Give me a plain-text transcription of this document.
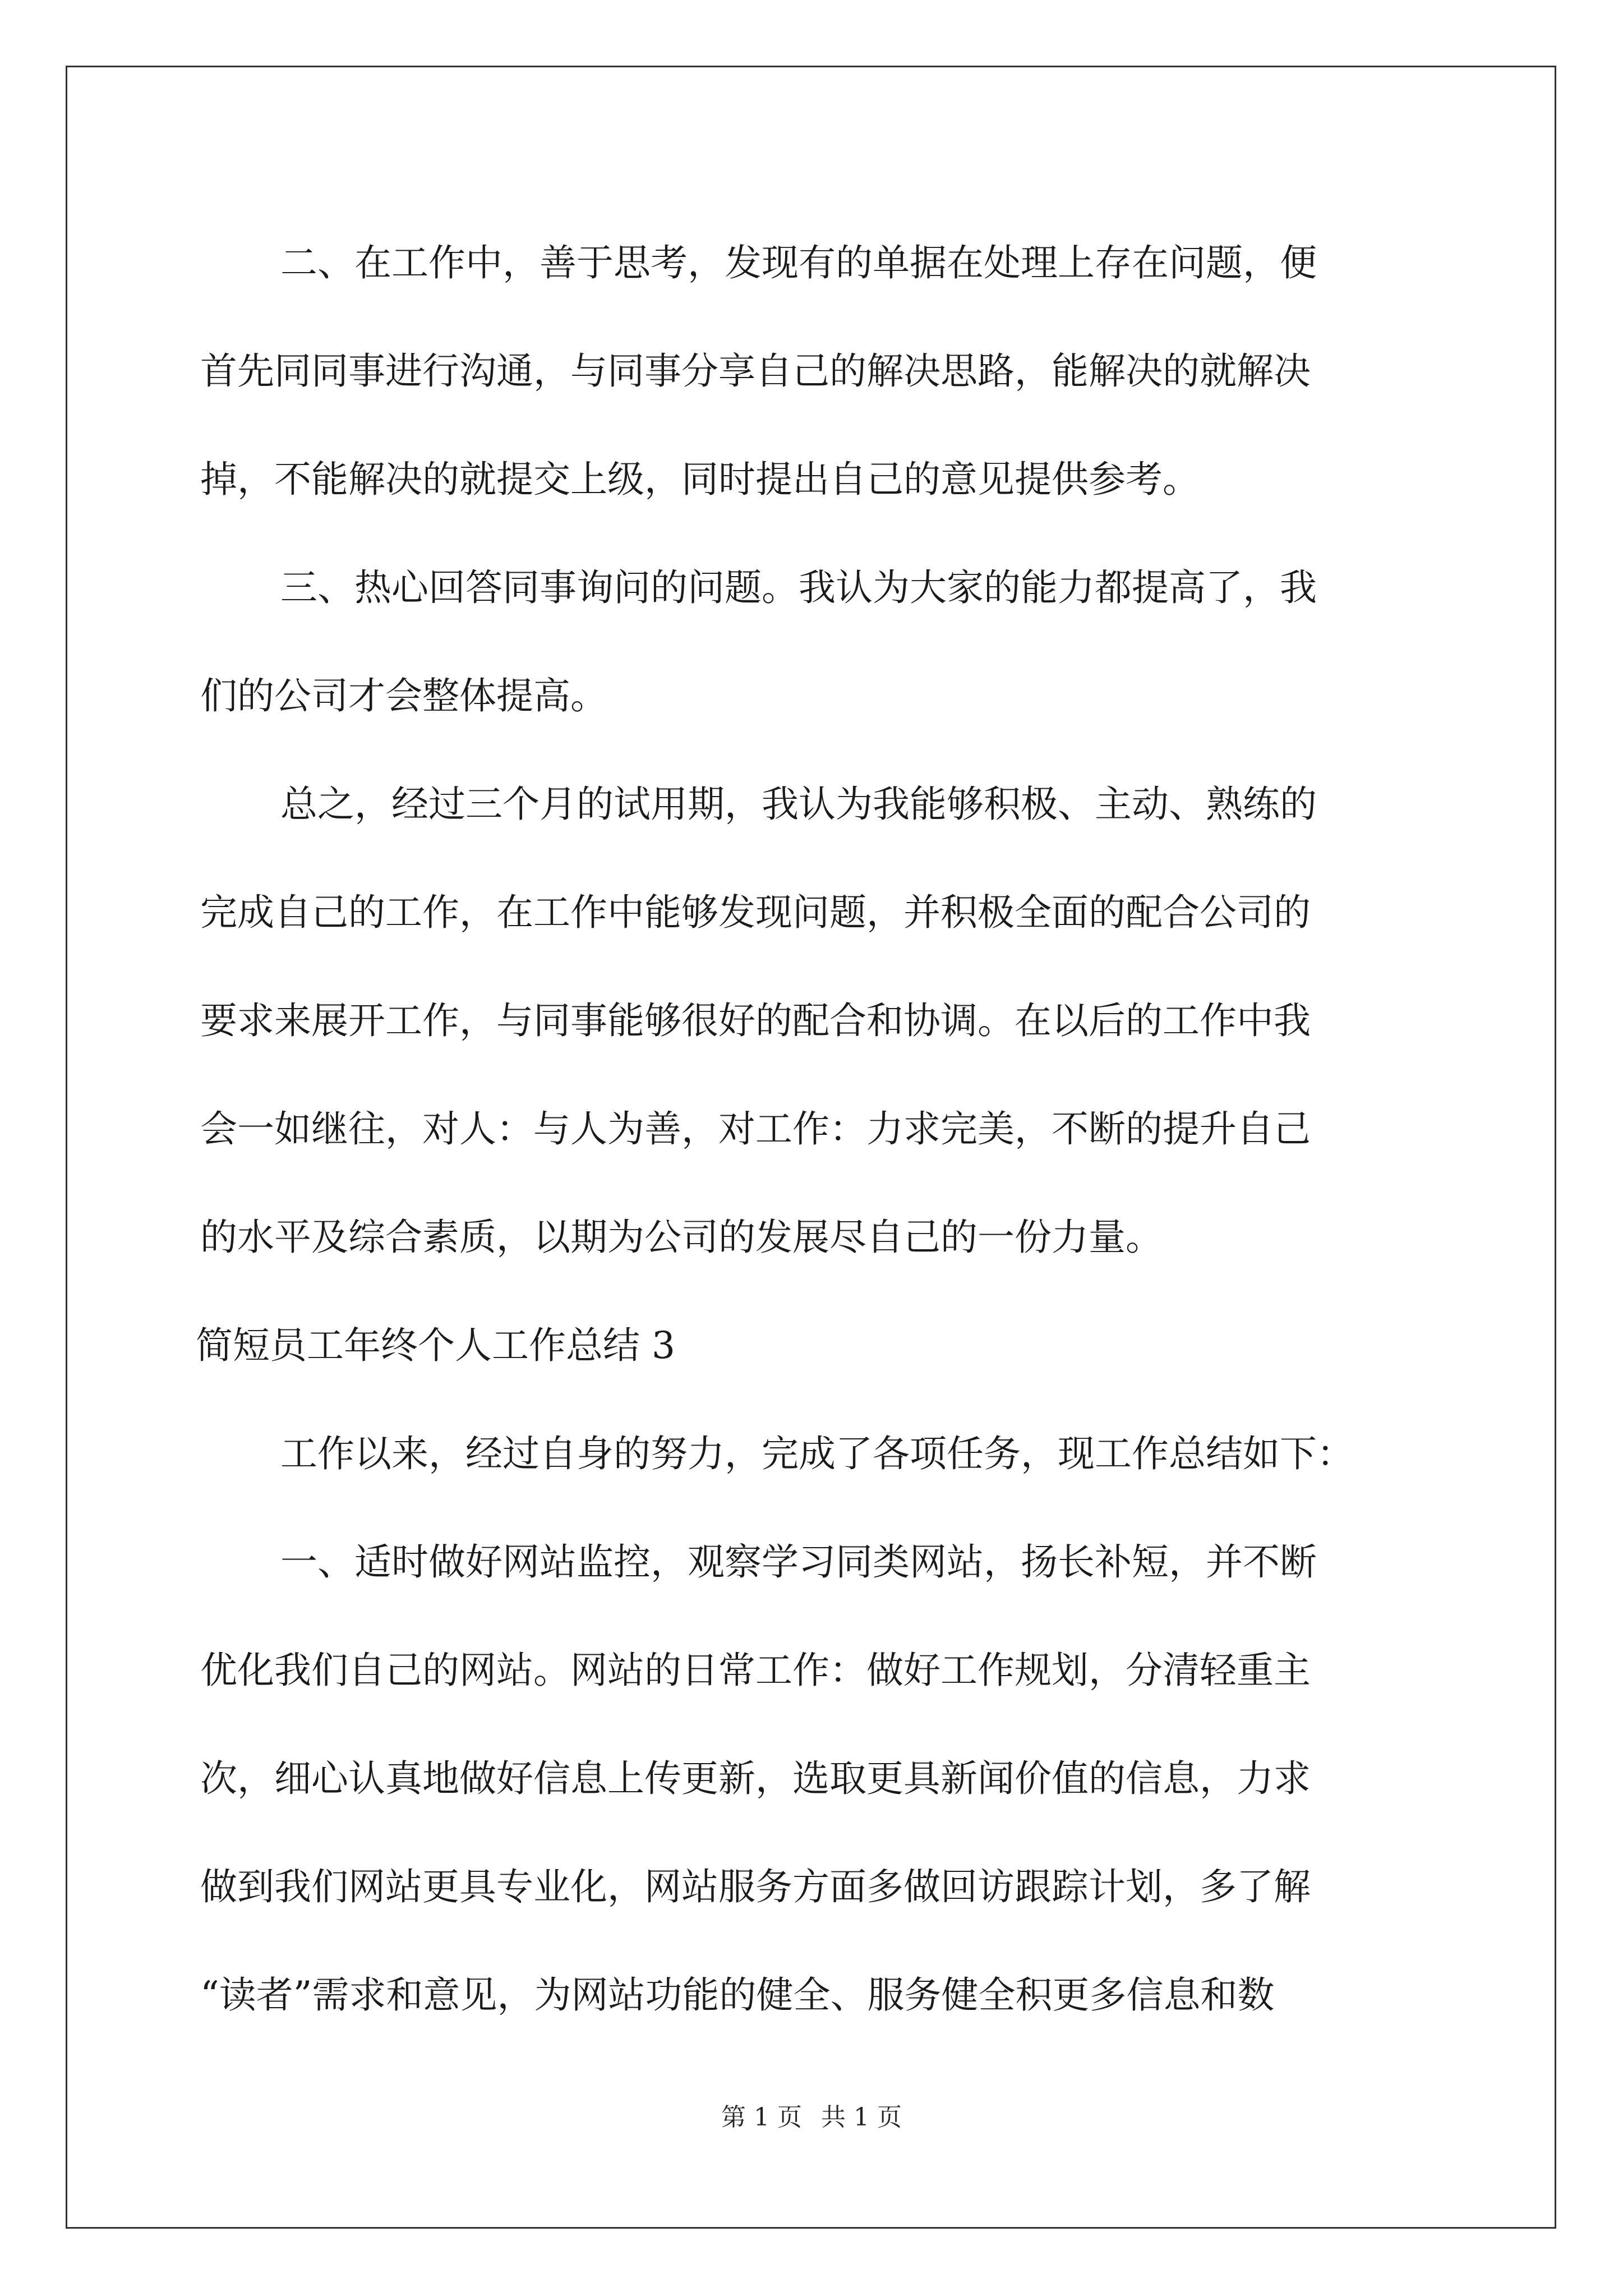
二、在工作中，善于思考，发现有的单据在处理上存在问题，便
首先同同事进行沟通，与同事分享自己的解决思路，能解决的就解决
掉，不能解决的就提交上级，同时提出自己的意见提供参考。
三、热心回答同事询问的问题。我认为大家的能力都提高了，我
们的公司才会整体提高。
总之，经过三个月的试用期，我认为我能够积极、主动、熟练的
完成自己的工作，在工作中能够发现问题，并积极全面的配合公司的
要求来展开工作，与同事能够很好的配合和协调。在以后的工作中我
会一如继往，对人：与人为善，对工作：力求完美，不断的提升自己
的水平及综合素质，以期为公司的发展尽自己的一份力量。
简短员工年终个人工作总结 3
工作以来，经过自身的努力，完成了各项任务，现工作总结如下：
一、适时做好网站监控，观察学习同类网站，扬长补短，并不断
优化我们自己的网站。网站的日常工作：做好工作规划，分清轻重主
次，细心认真地做好信息上传更新，选取更具新闻价值的信息，力求
做到我们网站更具专业化，网站服务方面多做回访跟踪计划，多了解
“读者”需求和意见，为网站功能的健全、服务健全积更多信息和数
第 1 页 共 1 页
